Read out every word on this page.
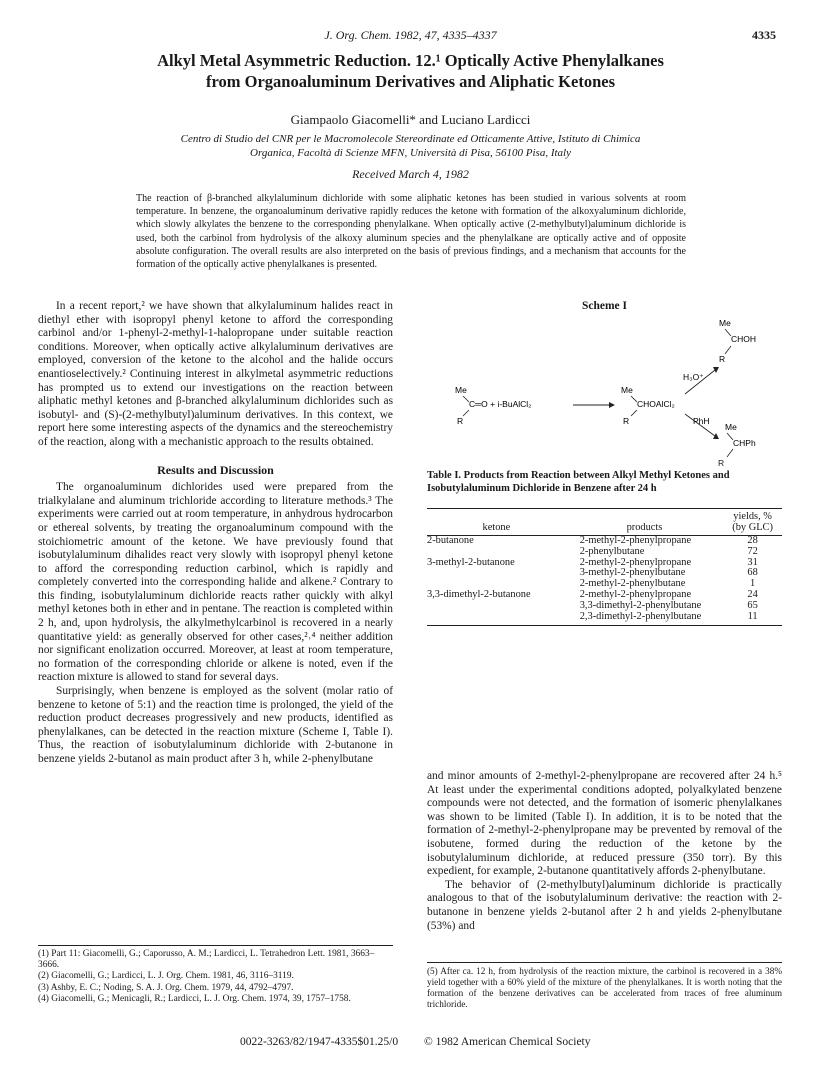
J. Org. Chem. 1982, 47, 4335–4337	4335
Alkyl Metal Asymmetric Reduction. 12.¹ Optically Active Phenylalkanes
from Organoaluminum Derivatives and Aliphatic Ketones
Giampaolo Giacomelli* and Luciano Lardicci
Centro di Studio del CNR per le Macromolecole Stereordinate ed Otticamente Attive, Istituto di Chimica
Organica, Facoltà di Scienze MFN, Università di Pisa, 56100 Pisa, Italy
Received March 4, 1982
The reaction of β-branched alkylaluminum dichloride with some aliphatic ketones has been studied in various solvents at room temperature. In benzene, the organoaluminum derivative rapidly reduces the ketone with formation of the alkoxyaluminum dichloride, which slowly alkylates the benzene to the corresponding phenylalkane. When optically active (2-methylbutyl)aluminum dichloride is used, both the carbinol from hydrolysis of the alkoxy aluminum species and the phenylalkane are optically active and of opposite absolute configuration. The overall results are also interpreted on the basis of previous findings, and a mechanism that accounts for the formation of the optically active phenylalkanes is presented.

In a recent report,² we have shown that alkylaluminum halides react in diethyl ether with isopropyl phenyl ketone to afford the corresponding carbinol and/or 1-phenyl-2-methyl-1-halopropane under suitable reaction conditions. Moreover, when optically active alkylaluminum derivatives are employed, conversion of the ketone to the alcohol and the halide occurs enantioselectively.² Continuing interest in alkylmetal asymmetric reductions has prompted us to extend our investigations on the reaction between aliphatic methyl ketones and β-branched alkylaluminum dichlorides such as isobutyl- and (S)-(2-methylbutyl)aluminum derivatives. In this context, we report here some interesting aspects of the dynamics and the stereochemistry of the reaction, along with a mechanistic approach to the results obtained.

Results and Discussion

The organoaluminum dichlorides used were prepared from the trialkylalane and aluminum trichloride according to literature methods.³ The experiments were carried out at room temperature, in anhydrous hydrocarbon or ethereal solvents, by treating the organoaluminum compound with the stoichiometric amount of the ketone. We have previously found that isobutylaluminum dihalides react very slowly with isopropyl phenyl ketone to afford the corresponding reduction carbinol, which is rapidly and completely converted into the corresponding halide and alkene.² Contrary to this finding, isobutylaluminum dichloride reacts rather quickly with alkyl methyl ketones both in ether and in pentane. The reaction is completed within 2 h, and, upon hydrolysis, the alkylmethylcarbinol is recovered in a nearly quantitative yield: as generally observed for other cases,²˒⁴ neither addition nor significant enolization occurred. Moreover, at least at room temperature, no formation of the corresponding chloride or alkene is noted, even if the reaction mixture is allowed to stand for several days.

Surprisingly, when benzene is employed as the solvent (molar ratio of benzene to ketone of 5:1) and the reaction time is prolonged, the yield of the reduction product decreases progressively and new products, identified as phenylalkanes, can be detected in the reaction mixture (Scheme I, Table I). Thus, the reaction of isobutylaluminum dichloride with 2-butanone in benzene yields 2-butanol as main product after 3 h, while 2-phenylbutane

Scheme I
Me
C═O + i-BuAlCl₂
R
Me
CHOAlCl₂
R
H₃O⁺
Me
CHOH
R
PhH
Me
CHPh
R
Table I. Products from Reaction between Alkyl Methyl Ketones and Isobutylaluminum Dichloride in Benzene after 24 h
ketone	products	yields, %
(by GLC)

2-butanone	2-methyl-2-phenylpropane	28
	2-phenylbutane	72
3-methyl-2-butanone	2-methyl-2-phenylpropane	31
	3-methyl-2-phenylbutane	68
	2-methyl-2-phenylbutane	1
3,3-dimethyl-2-butanone	2-methyl-2-phenylpropane	24
	3,3-dimethyl-2-phenylbutane	65
	2,3-dimethyl-2-phenylbutane	11

and minor amounts of 2-methyl-2-phenylpropane are recovered after 24 h.⁵ At least under the experimental conditions adopted, polyalkylated benzene compounds were not detected, and the formation of isomeric phenylalkanes was shown to be limited (Table I). In addition, it is to be noted that the formation of 2-methyl-2-phenylpropane may be prevented by removal of the isobutene, formed during the reduction of the ketone by the isobutylaluminum dichloride, at reduced pressure (350 torr). By this expedient, for example, 2-butanone quantitatively affords 2-phenylbutane.

The behavior of (2-methylbutyl)aluminum dichloride is practically analogous to that of the isobutylaluminum derivative: the reaction with 2-butanone in benzene yields 2-butanol after 2 h and yields 2-phenylbutane (53%) and

(1) Part 11: Giacomelli, G.; Caporusso, A. M.; Lardicci, L. Tetrahedron Lett. 1981, 3663–3666.
(2) Giacomelli, G.; Lardicci, L. J. Org. Chem. 1981, 46, 3116–3119.
(3) Ashby, E. C.; Noding, S. A. J. Org. Chem. 1979, 44, 4792–4797.
(4) Giacomelli, G.; Menicagli, R.; Lardicci, L. J. Org. Chem. 1974, 39, 1757–1758.
(5) After ca. 12 h, from hydrolysis of the reaction mixture, the carbinol is recovered in a 38% yield together with a 60% yield of the mixture of the phenylalkanes. It is worth noting that the formation of the benzene derivatives can be accelerated from traces of free aluminum trichloride.
0022-3263/82/1947-4335$01.25/0 © 1982 American Chemical Society
